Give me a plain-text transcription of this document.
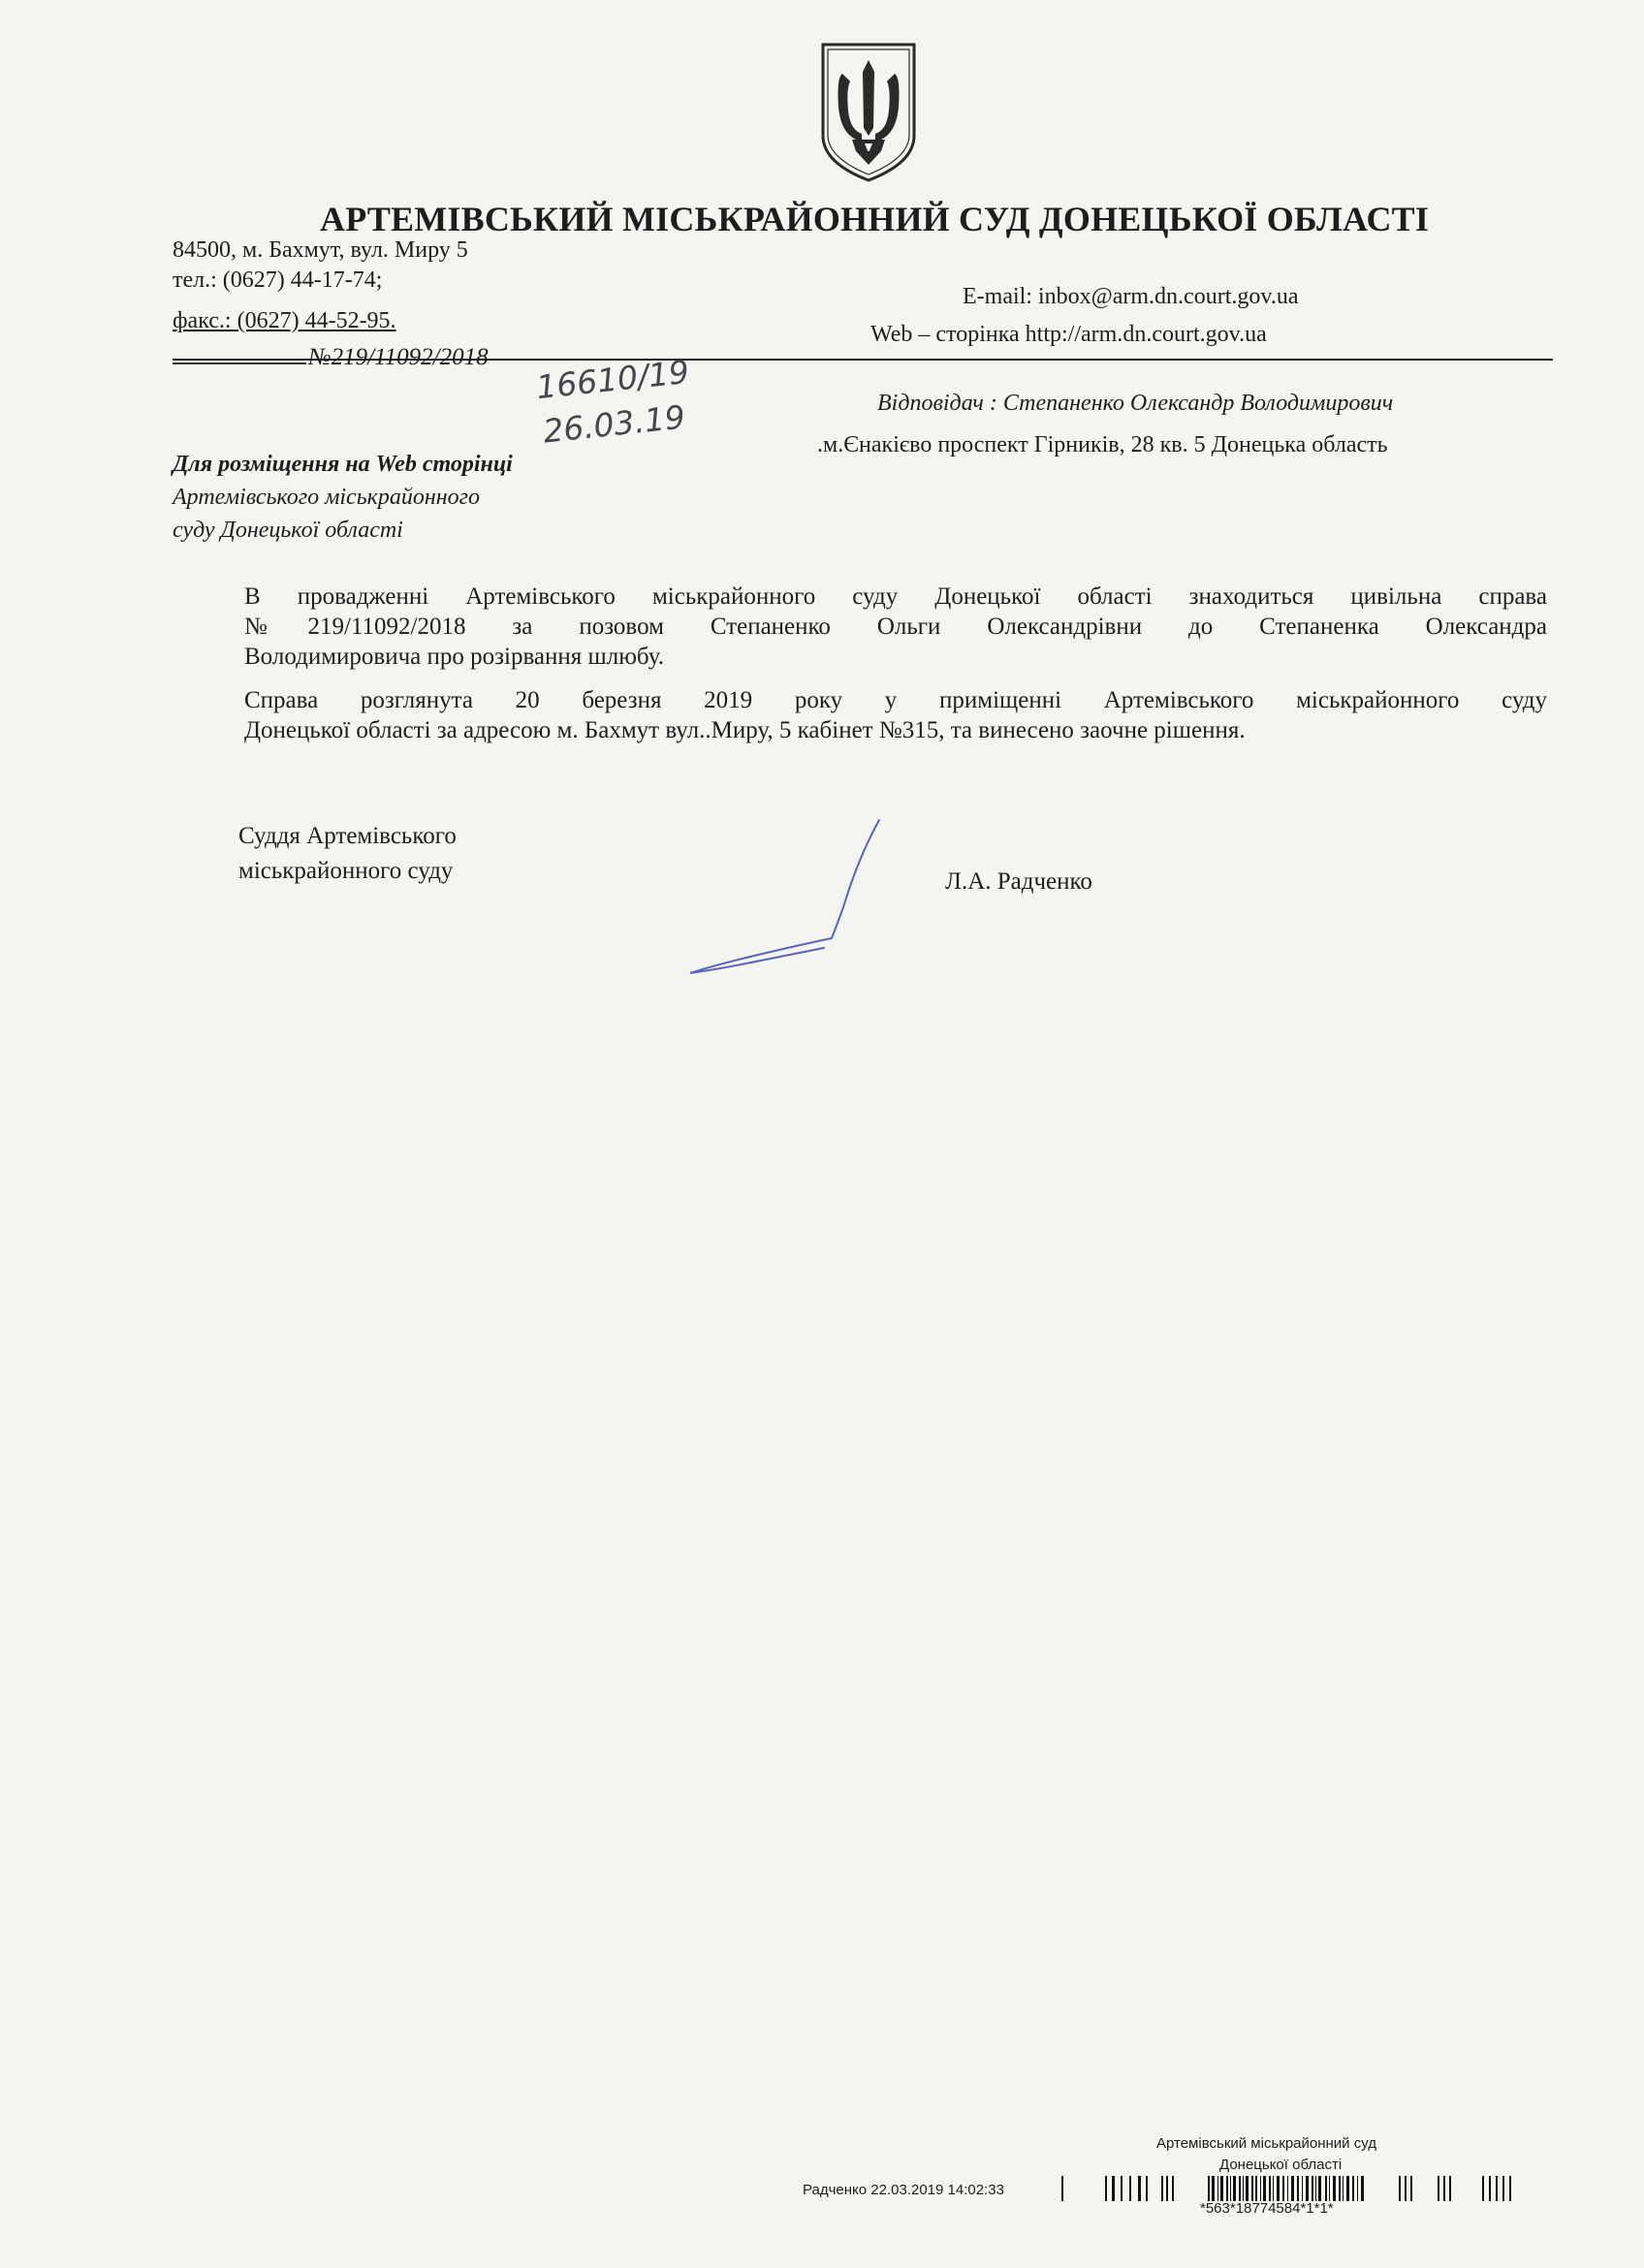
АРТЕМІВСЬКИЙ МІСЬКРАЙОННИЙ СУД ДОНЕЦЬКОЇ ОБЛАСТІ
84500, м. Бахмут, вул. Миру 5
тел.: (0627) 44-17-74;
факс.: (0627) 44-52-95.
E-mail: inbox@arm.dn.court.gov.ua
Web – сторінка http://arm.dn.court.gov.ua
№219/11092/2018 16610/19
26.03.19	Відповідач : Степаненко Олександр Володимирович
.м.Єнакієво проспект Гірників, 28 кв. 5 Донецька область
Для розміщення на Web сторінці
Артемівського міськрайонного
суду Донецької області
В провадженні Артемівського міськрайонного суду Донецької області знаходиться цивільна справа
№219/11092/2018 за позовом Степаненко Ольги Олександрівни до Степаненка Олександра
Володимировича про розірвання шлюбу.
Справа розглянута 20 березня 2019 року у приміщенні Артемівського міськрайонного суду
Донецької області за адресою м. Бахмут вул..Миру, 5 кабінет №315, та винесено заочне рішення.
Суддя Артемівського
міськрайонного суду	Л.А. Радченко
Артемівський міськрайонний суд
Донецької області
Радченко 22.03.2019 14:02:33
*563*18774584*1*1*
